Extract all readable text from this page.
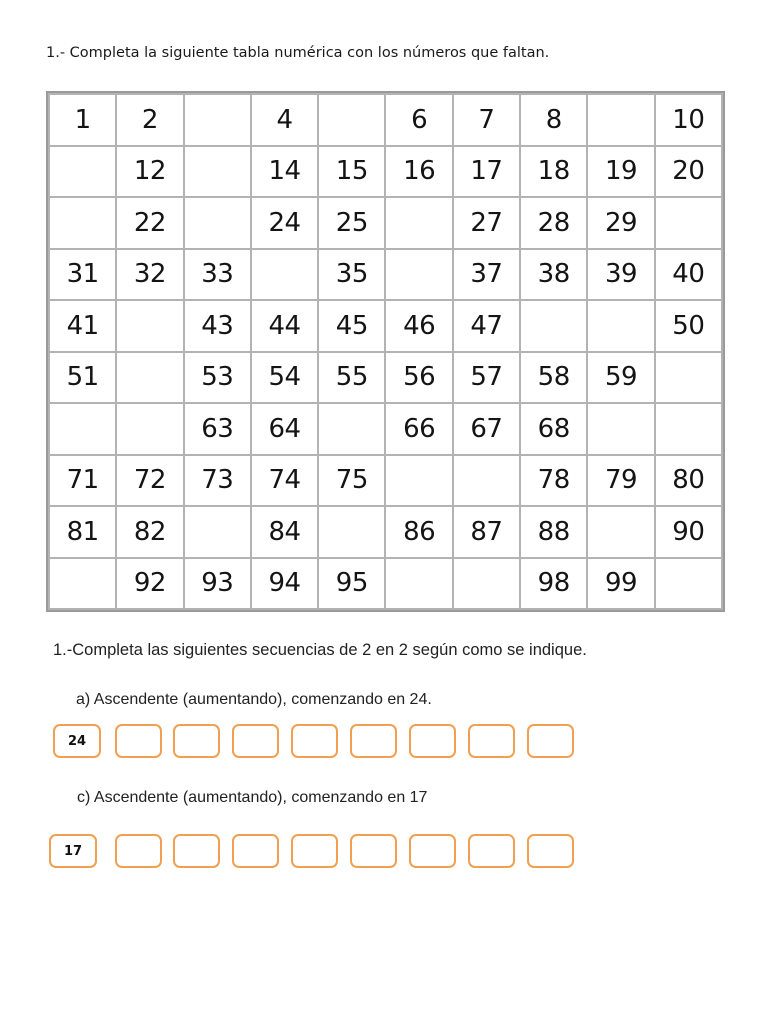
1.- Completa la siguiente tabla numérica con los números que faltan.
1	2		4		6	7	8		10
	12		14	15	16	17	18	19	20
	22		24	25		27	28	29	
31	32	33		35		37	38	39	40
41		43	44	45	46	47			50
51		53	54	55	56	57	58	59	
		63	64		66	67	68		
71	72	73	74	75			78	79	80
81	82		84		86	87	88		90
	92	93	94	95			98	99	
1.-Completa las siguientes secuencias de 2 en 2 según como se indique.
a) Ascendente (aumentando), comenzando en 24.
24
c) Ascendente (aumentando), comenzando en 17
17
